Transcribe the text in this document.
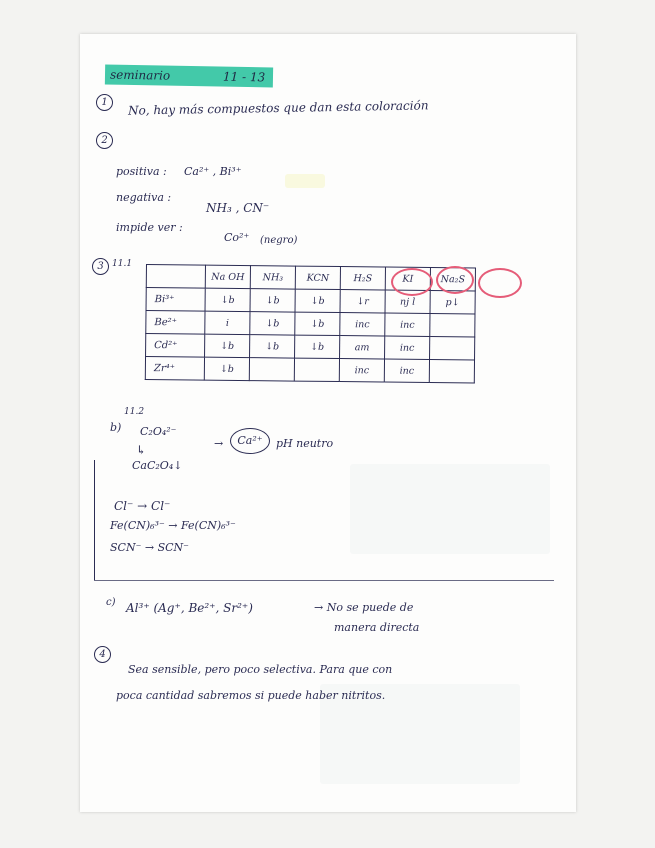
seminario	11 - 13
1	No, hay más compuestos que dan esta coloración
2
positiva : Ca²⁺ , Bi³⁺
negativa :
NH₃ , CN⁻
impide ver :
Co²⁺ (negro)
3 11.1
	Na OH	NH₃	KCN	H₂S	KI	Na₂S
Bi³⁺	↓b	↓b	↓b	↓r	nj l	p↓
Be²⁺	i	↓b	↓b	inc	inc	
Cd²⁺	↓b	↓b	↓b	am	inc	
Zr⁴⁺	↓b			inc	inc	
11.2
b) C₂O₄²⁻
→	Ca²⁺	pH neutro
↳
CaC₂O₄↓
Cl⁻ → Cl⁻
Fe(CN)₆³⁻ → Fe(CN)₆³⁻
SCN⁻ → SCN⁻
c) Al³⁺ (Ag⁺, Be²⁺, Sr²⁺)	→ No se puede de
manera directa
4
Sea sensible, pero poco selectiva. Para que con
poca cantidad sabremos si puede haber nitritos.
